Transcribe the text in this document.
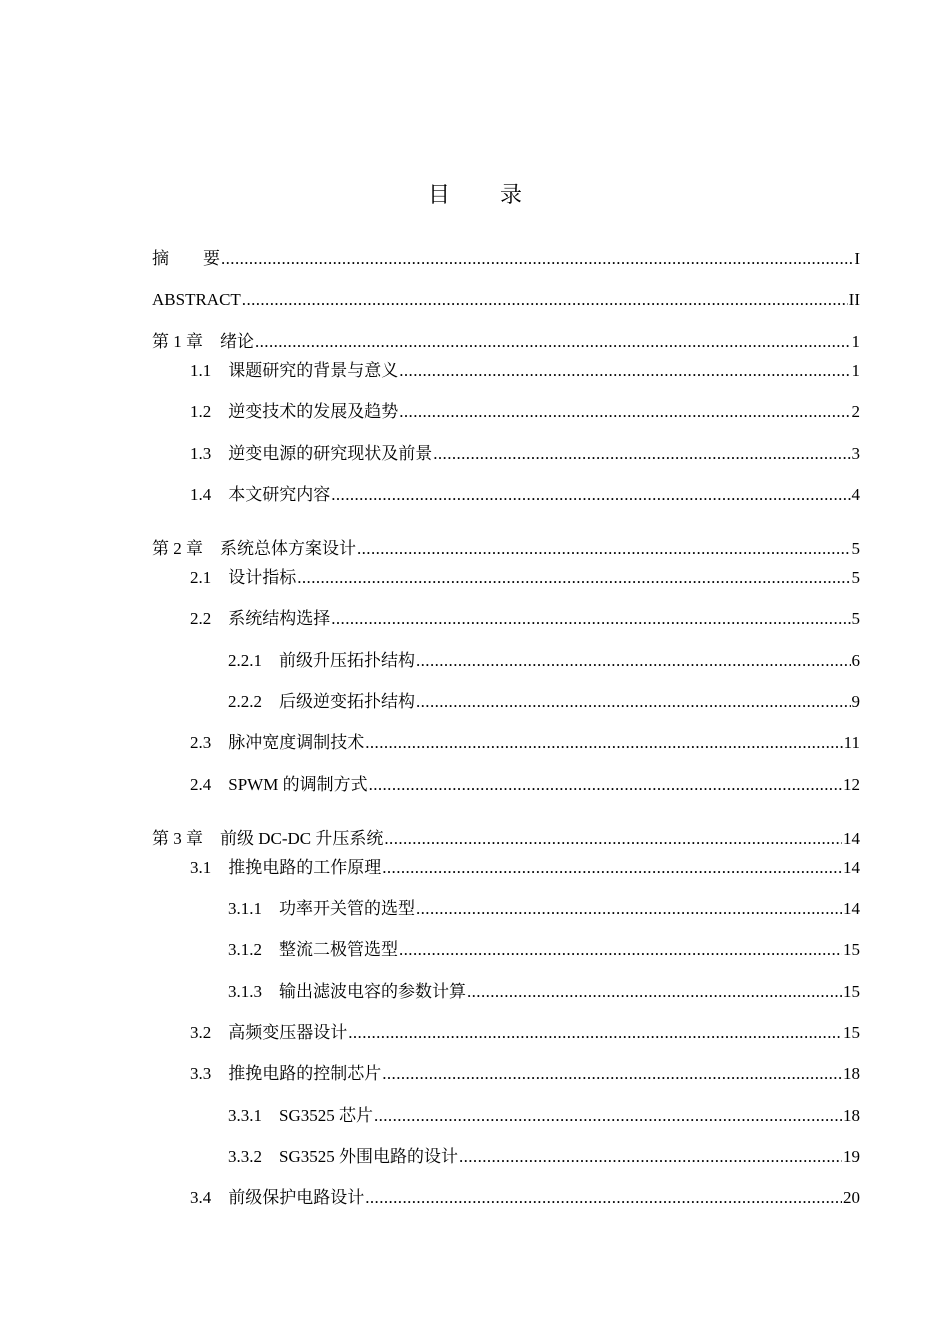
目 录
摘　　要 .....	I
ABSTRACT .....	II
第 1 章　 绪论 .....	1
1.1　 课题研究的背景与意义 .....	1
1.2　 逆变技术的发展及趋势 .....	2
1.3　 逆变电源的研究现状及前景 .....	3
1.4　 本文研究内容 .....	4
第 2 章　 系统总体方案设计 .....	5
2.1　 设计指标 .....	5
2.2　 系统结构选择 .....	5
2.2.1　 前级升压拓扑结构 .....	6
2.2.2　 后级逆变拓扑结构 .....	9
2.3　 脉冲宽度调制技术 .....	11
2.4　 SPWM 的调制方式 .....	12
第 3 章　 前级 DC-DC 升压系统 .....	14
3.1　 推挽电路的工作原理 .....	14
3.1.1　 功率开关管的选型 .....	14
3.1.2　 整流二极管选型 .....	15
3.1.3　 输出滤波电容的参数计算 .....	15
3.2　 高频变压器设计 .....	15
3.3　 推挽电路的控制芯片 .....	18
3.3.1　 SG3525 芯片 .....	18
3.3.2　 SG3525 外围电路的设计 .....	19
3.4　 前级保护电路设计 .....	20
